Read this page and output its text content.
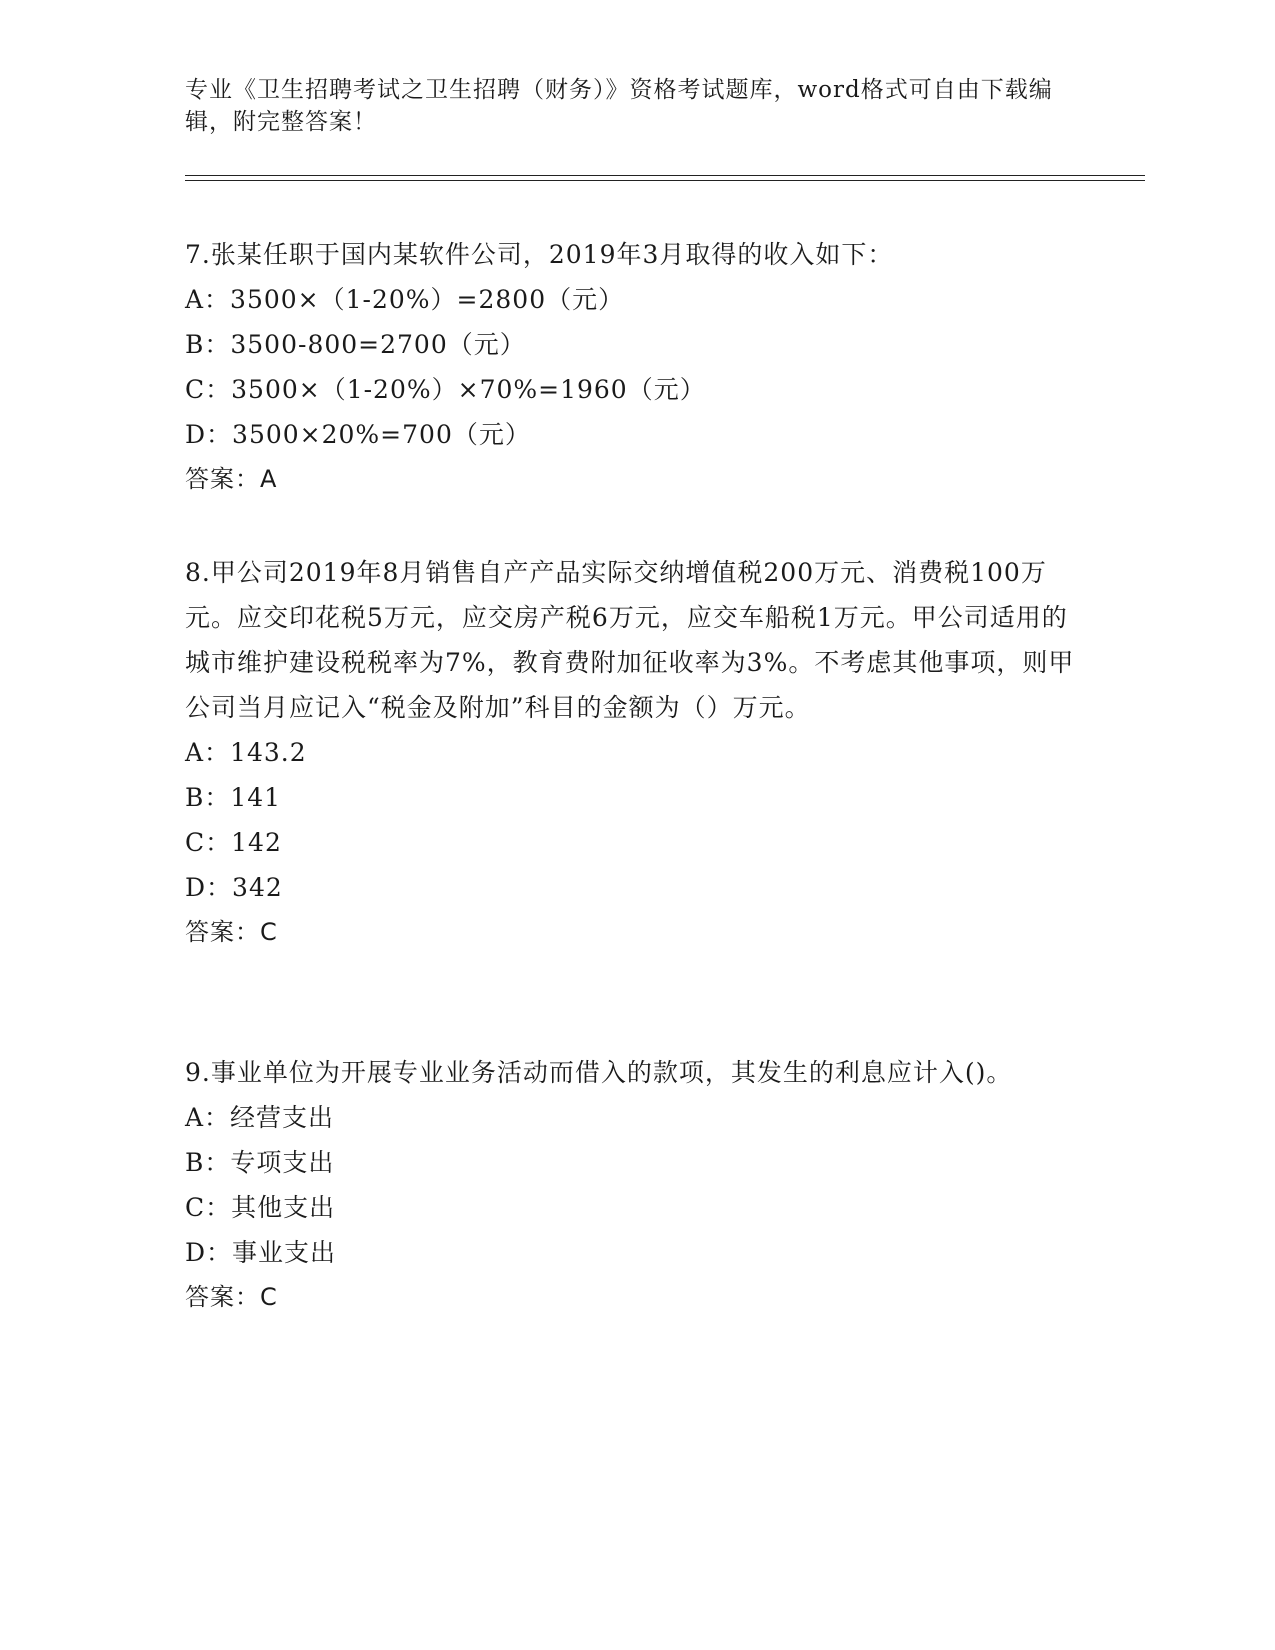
专业《卫生招聘考试之卫生招聘（财务）》资格考试题库，word格式可自由下载编辑，附完整答案！
7.张某任职于国内某软件公司，2019年3月取得的收入如下：
A：3500×（1-20%）=2800（元）
B：3500-800=2700（元）
C：3500×（1-20%）×70%=1960（元）
D：3500×20%=700（元）
答案：A
8.甲公司2019年8月销售自产产品实际交纳增值税200万元、消费税100万元。应交印花税5万元，应交房产税6万元，应交车船税1万元。甲公司适用的城市维护建设税税率为7%，教育费附加征收率为3%。不考虑其他事项，则甲公司当月应记入“税金及附加”科目的金额为（）万元。
A：143.2
B：141
C：142
D：342
答案：C
9.事业单位为开展专业业务活动而借入的款项，其发生的利息应计入()。
A：经营支出
B：专项支出
C：其他支出
D：事业支出
答案：C
